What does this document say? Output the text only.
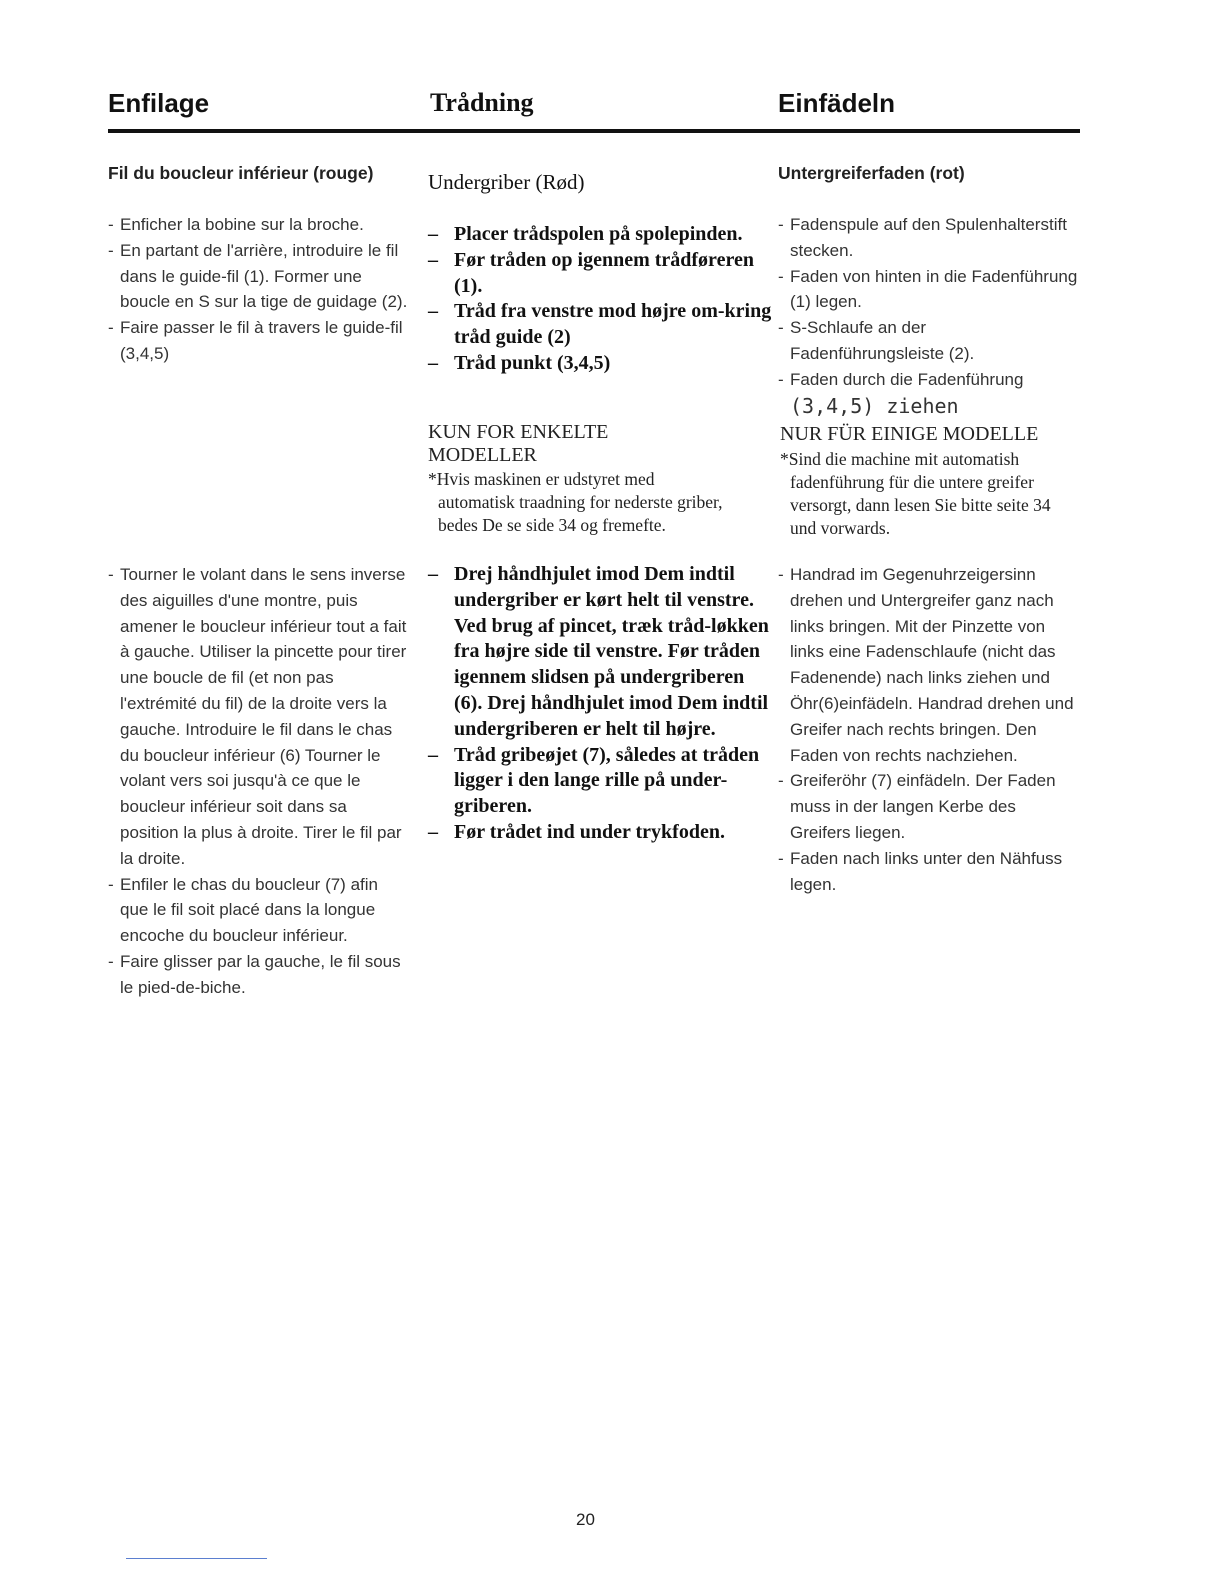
Enfilage	Trådning	Einfädeln
Fil du boucleur inférieur (rouge)
- Enficher la bobine sur la broche.
- En partant de l'arrière, introduire le fil dans le guide-fil (1). Former une boucle en S sur la tige de guidage (2).
- Faire passer le fil à travers le guide-fil (3,4,5)
- Tourner le volant dans le sens inverse des aiguilles d'une montre, puis amener le boucleur inférieur tout a fait à gauche. Utiliser la pincette pour tirer une boucle de fil (et non pas l'extrémité du fil) de la droite vers la gauche. Introduire le fil dans le chas du boucleur inférieur (6) Tourner le volant vers soi jusqu'à ce que le boucleur inférieur soit dans sa position la plus à droite. Tirer le fil par la droite.
- Enfiler le chas du boucleur (7) afin que le fil soit placé dans la longue encoche du boucleur inférieur.
- Faire glisser par la gauche, le fil sous le pied-de-biche.
Undergriber (Rød)
– Placer trådspolen på spolepinden.
– Før tråden op igennem trådføreren (1).
– Tråd fra venstre mod højre om-kring tråd guide (2)
– Tråd punkt (3,4,5)
KUN FOR ENKELTE MODELLER
*Hvis maskinen er udstyret med automatisk traadning for nederste griber, bedes De se side 34 og fremefte.
– Drej håndhjulet imod Dem indtil undergriber er kørt helt til venstre. Ved brug af pincet, træk tråd-løkken fra højre side til venstre. Før tråden igennem slidsen på undergriberen (6). Drej håndhjulet imod Dem indtil undergriberen er helt til højre.
– Tråd gribeøjet (7), således at tråden ligger i den lange rille på under-griberen.
– Før trådet ind under trykfoden.
Untergreiferfaden (rot)
- Fadenspule auf den Spulenhalterstift stecken.
- Faden von hinten in die Fadenführung (1) legen.
- S-Schlaufe an der Fadenführungsleiste (2).
- Faden durch die Fadenführung
(3,4,5) ziehen
NUR FÜR EINIGE MODELLE
*Sind die machine mit automatish fadenführung für die untere greifer versorgt, dann lesen Sie bitte seite 34 und vorwards.
- Handrad im Gegenuhrzeigersinn drehen und Untergreifer ganz nach links bringen. Mit der Pinzette von links eine Fadenschlaufe (nicht das Fadenende) nach links ziehen und Öhr(6)einfädeln. Handrad drehen und Greifer nach rechts bringen. Den Faden von rechts nachziehen.
- Greiferöhr (7) einfädeln. Der Faden muss in der langen Kerbe des Greifers liegen.
- Faden nach links unter den Nähfuss legen.
20
